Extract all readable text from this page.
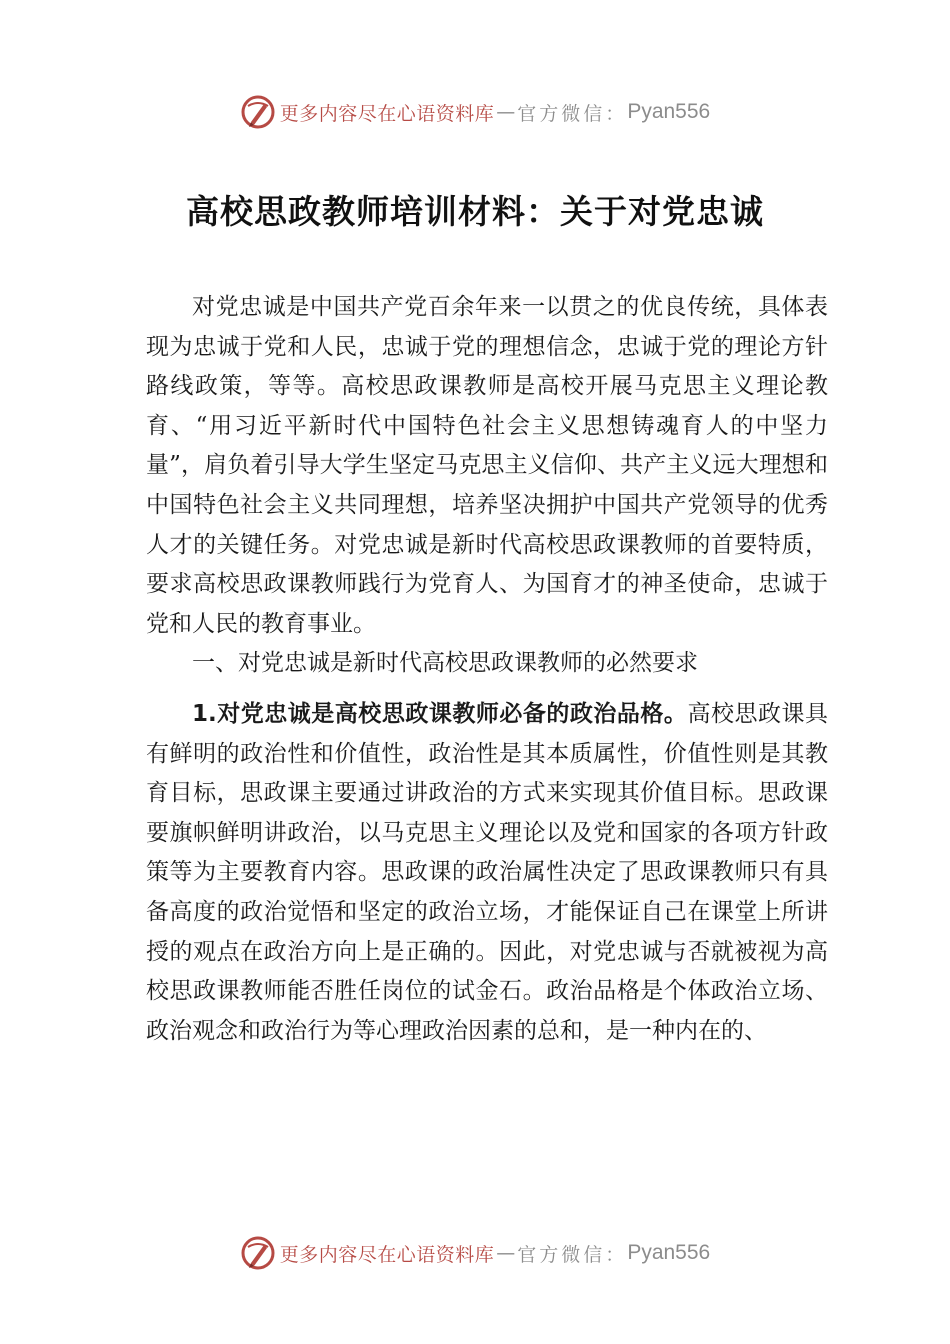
更多内容尽在心语资料库 — 官方微信： Pyan556
高校思政教师培训材料：关于对党忠诚

对党忠诚是中国共产党百余年来一以贯之的优良传统，具体表现为忠诚于党和人民，忠诚于党的理想信念，忠诚于党的理论方针路线政策，等等。高校思政课教师是高校开展马克思主义理论教育、“用习近平新时代中国特色社会主义思想铸魂育人的中坚力量”，肩负着引导大学生坚定马克思主义信仰、共产主义远大理想和中国特色社会主义共同理想，培养坚决拥护中国共产党领导的优秀人才的关键任务。对党忠诚是新时代高校思政课教师的首要特质，要求高校思政课教师践行为党育人、为国育才的神圣使命，忠诚于党和人民的教育事业。

一、对党忠诚是新时代高校思政课教师的必然要求

1.对党忠诚是高校思政课教师必备的政治品格。高校思政课具有鲜明的政治性和价值性，政治性是其本质属性，价值性则是其教育目标，思政课主要通过讲政治的方式来实现其价值目标。思政课要旗帜鲜明讲政治，以马克思主义理论以及党和国家的各项方针政策等为主要教育内容。思政课的政治属性决定了思政课教师只有具备高度的政治觉悟和坚定的政治立场，才能保证自己在课堂上所讲授的观点在政治方向上是正确的。因此，对党忠诚与否就被视为高校思政课教师能否胜任岗位的试金石。政治品格是个体政治立场、政治观念和政治行为等心理政治因素的总和，是一种内在的、

更多内容尽在心语资料库 — 官方微信： Pyan556
